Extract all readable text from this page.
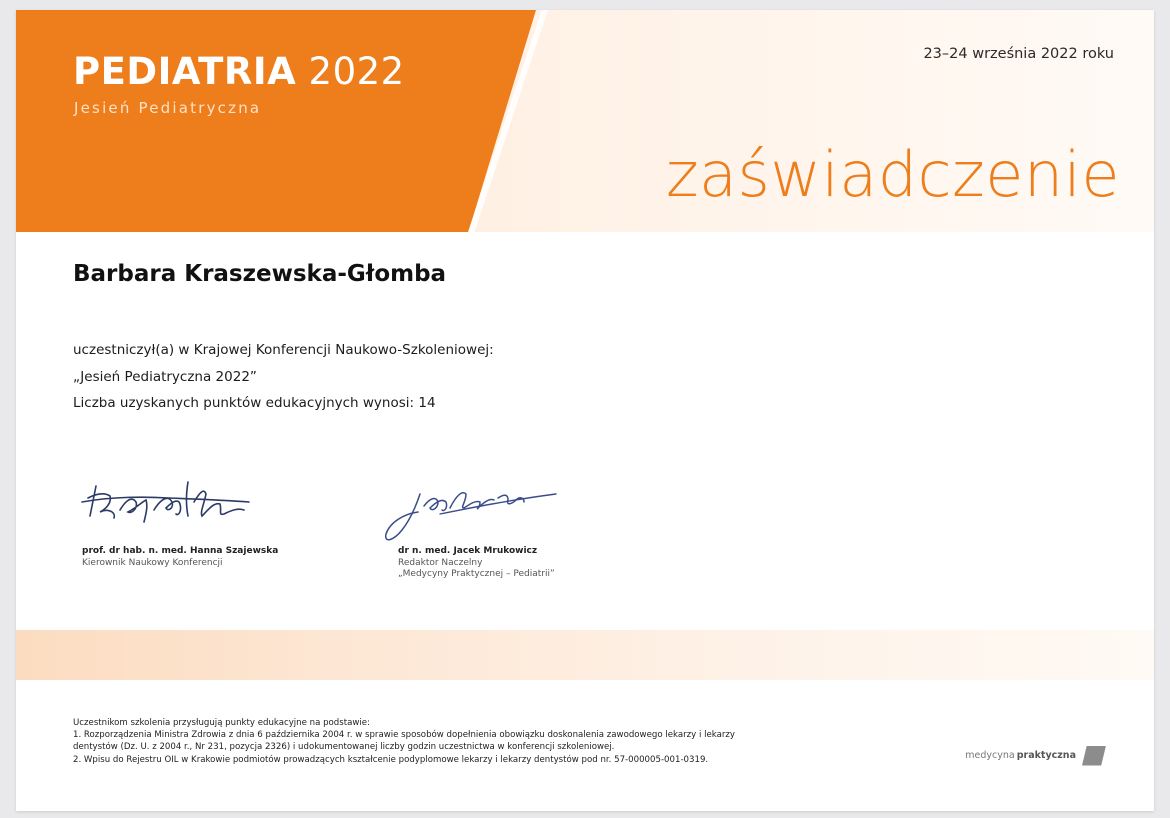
PEDIATRIA 2022
Jesień Pediatryczna
23–24 września 2022 roku
zaświadczenie
Barbara Kraszewska-Głomba
uczestniczył(a) w Krajowej Konferencji Naukowo-Szkoleniowej:
„Jesień Pediatryczna 2022”
Liczba uzyskanych punktów edukacyjnych wynosi: 14
prof. dr hab. n. med. Hanna Szajewska
Kierownik Naukowy Konferencji
dr n. med. Jacek Mrukowicz
Redaktor Naczelny
„Medycyny Praktycznej – Pediatrii”
Uczestnikom szkolenia przysługują punkty edukacyjne na podstawie:
1. Rozporządzenia Ministra Zdrowia z dnia 6 października 2004 r. w sprawie sposobów dopełnienia obowiązku doskonalenia zawodowego lekarzy i lekarzy
dentystów (Dz. U. z 2004 r., Nr 231, pozycja 2326) i udokumentowanej liczby godzin uczestnictwa w konferencji szkoleniowej.
2. Wpisu do Rejestru OIL w Krakowie podmiotów prowadzących kształcenie podyplomowe lekarzy i lekarzy dentystów pod nr. 57-000005-001-0319.	medycyna praktyczna
